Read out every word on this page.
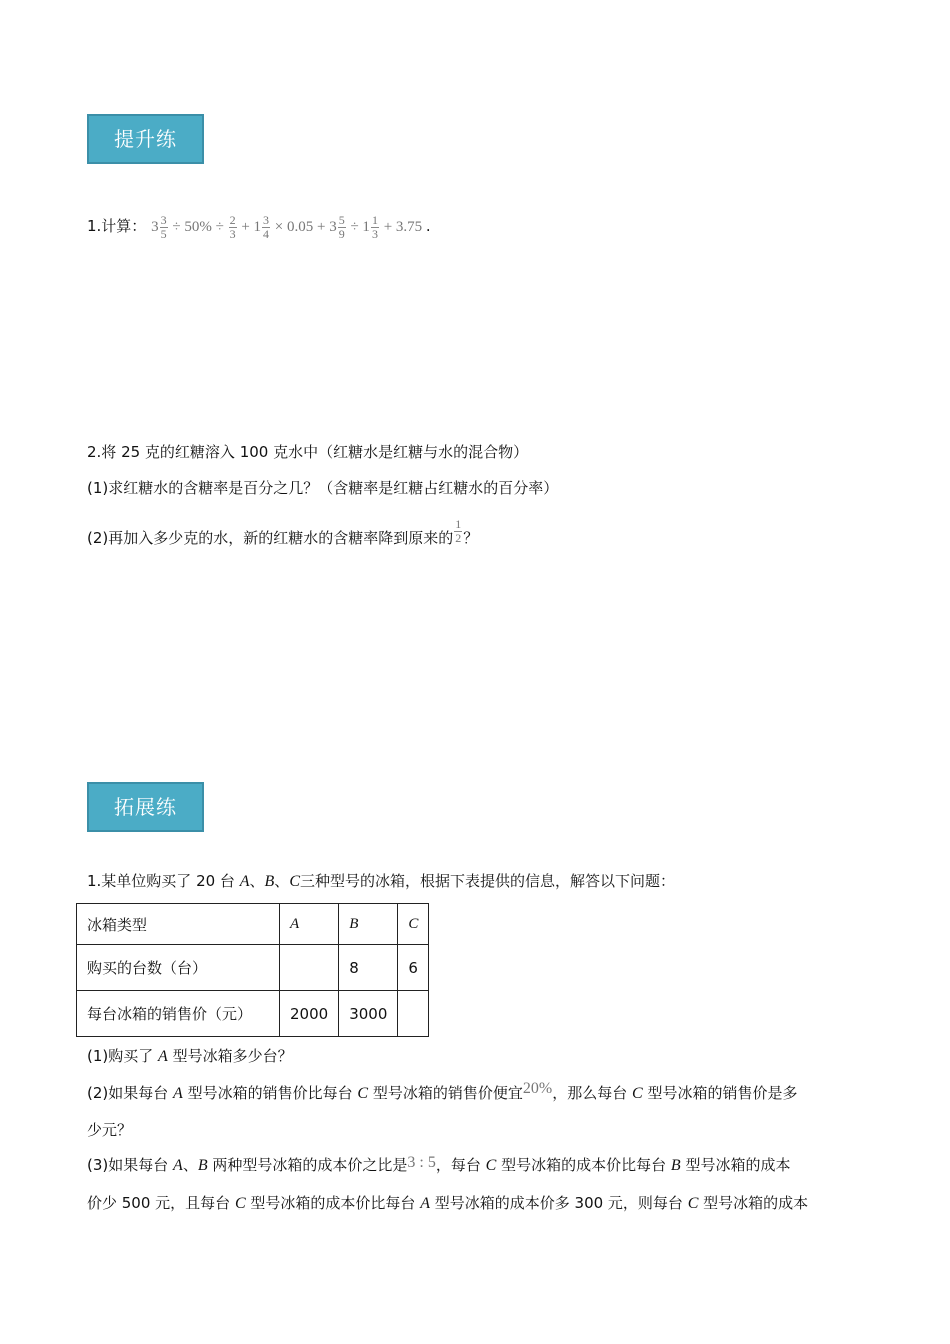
提升练
1.计算： $3 \frac{3}{5} \div 50\% \div \frac{2}{3} + 1 \frac{3}{4} \times 0.05 + 3 \frac{5}{9} \div 1 \frac{1}{3} + 3.75$ .
2.将 25 克的红糖溶入 100 克水中（红糖水是红糖与水的混合物）
(1)求红糖水的含糖率是百分之几？（含糖率是红糖占红糖水的百分率）
(2)再加入多少克的水，新的红糖水的含糖率降到原来的 $\frac{1}{2}$ ？
拓展练
1.某单位购买了 20 台 A、B、C三种型号的冰箱，根据下表提供的信息，解答以下问题：
冰箱类型	A	B	C
购买的台数（台）		8	6
每台冰箱的销售价（元）	2000	3000	
(1)购买了 A 型号冰箱多少台？
(2)如果每台 A 型号冰箱的销售价比每台 C 型号冰箱的销售价便宜20%，那么每台 C 型号冰箱的销售价是多
少元？
(3)如果每台 A、B 两种型号冰箱的成本价之比是3 : 5，每台 C 型号冰箱的成本价比每台 B 型号冰箱的成本
价少 500 元，且每台 C 型号冰箱的成本价比每台 A 型号冰箱的成本价多 300 元，则每台 C 型号冰箱的成本
